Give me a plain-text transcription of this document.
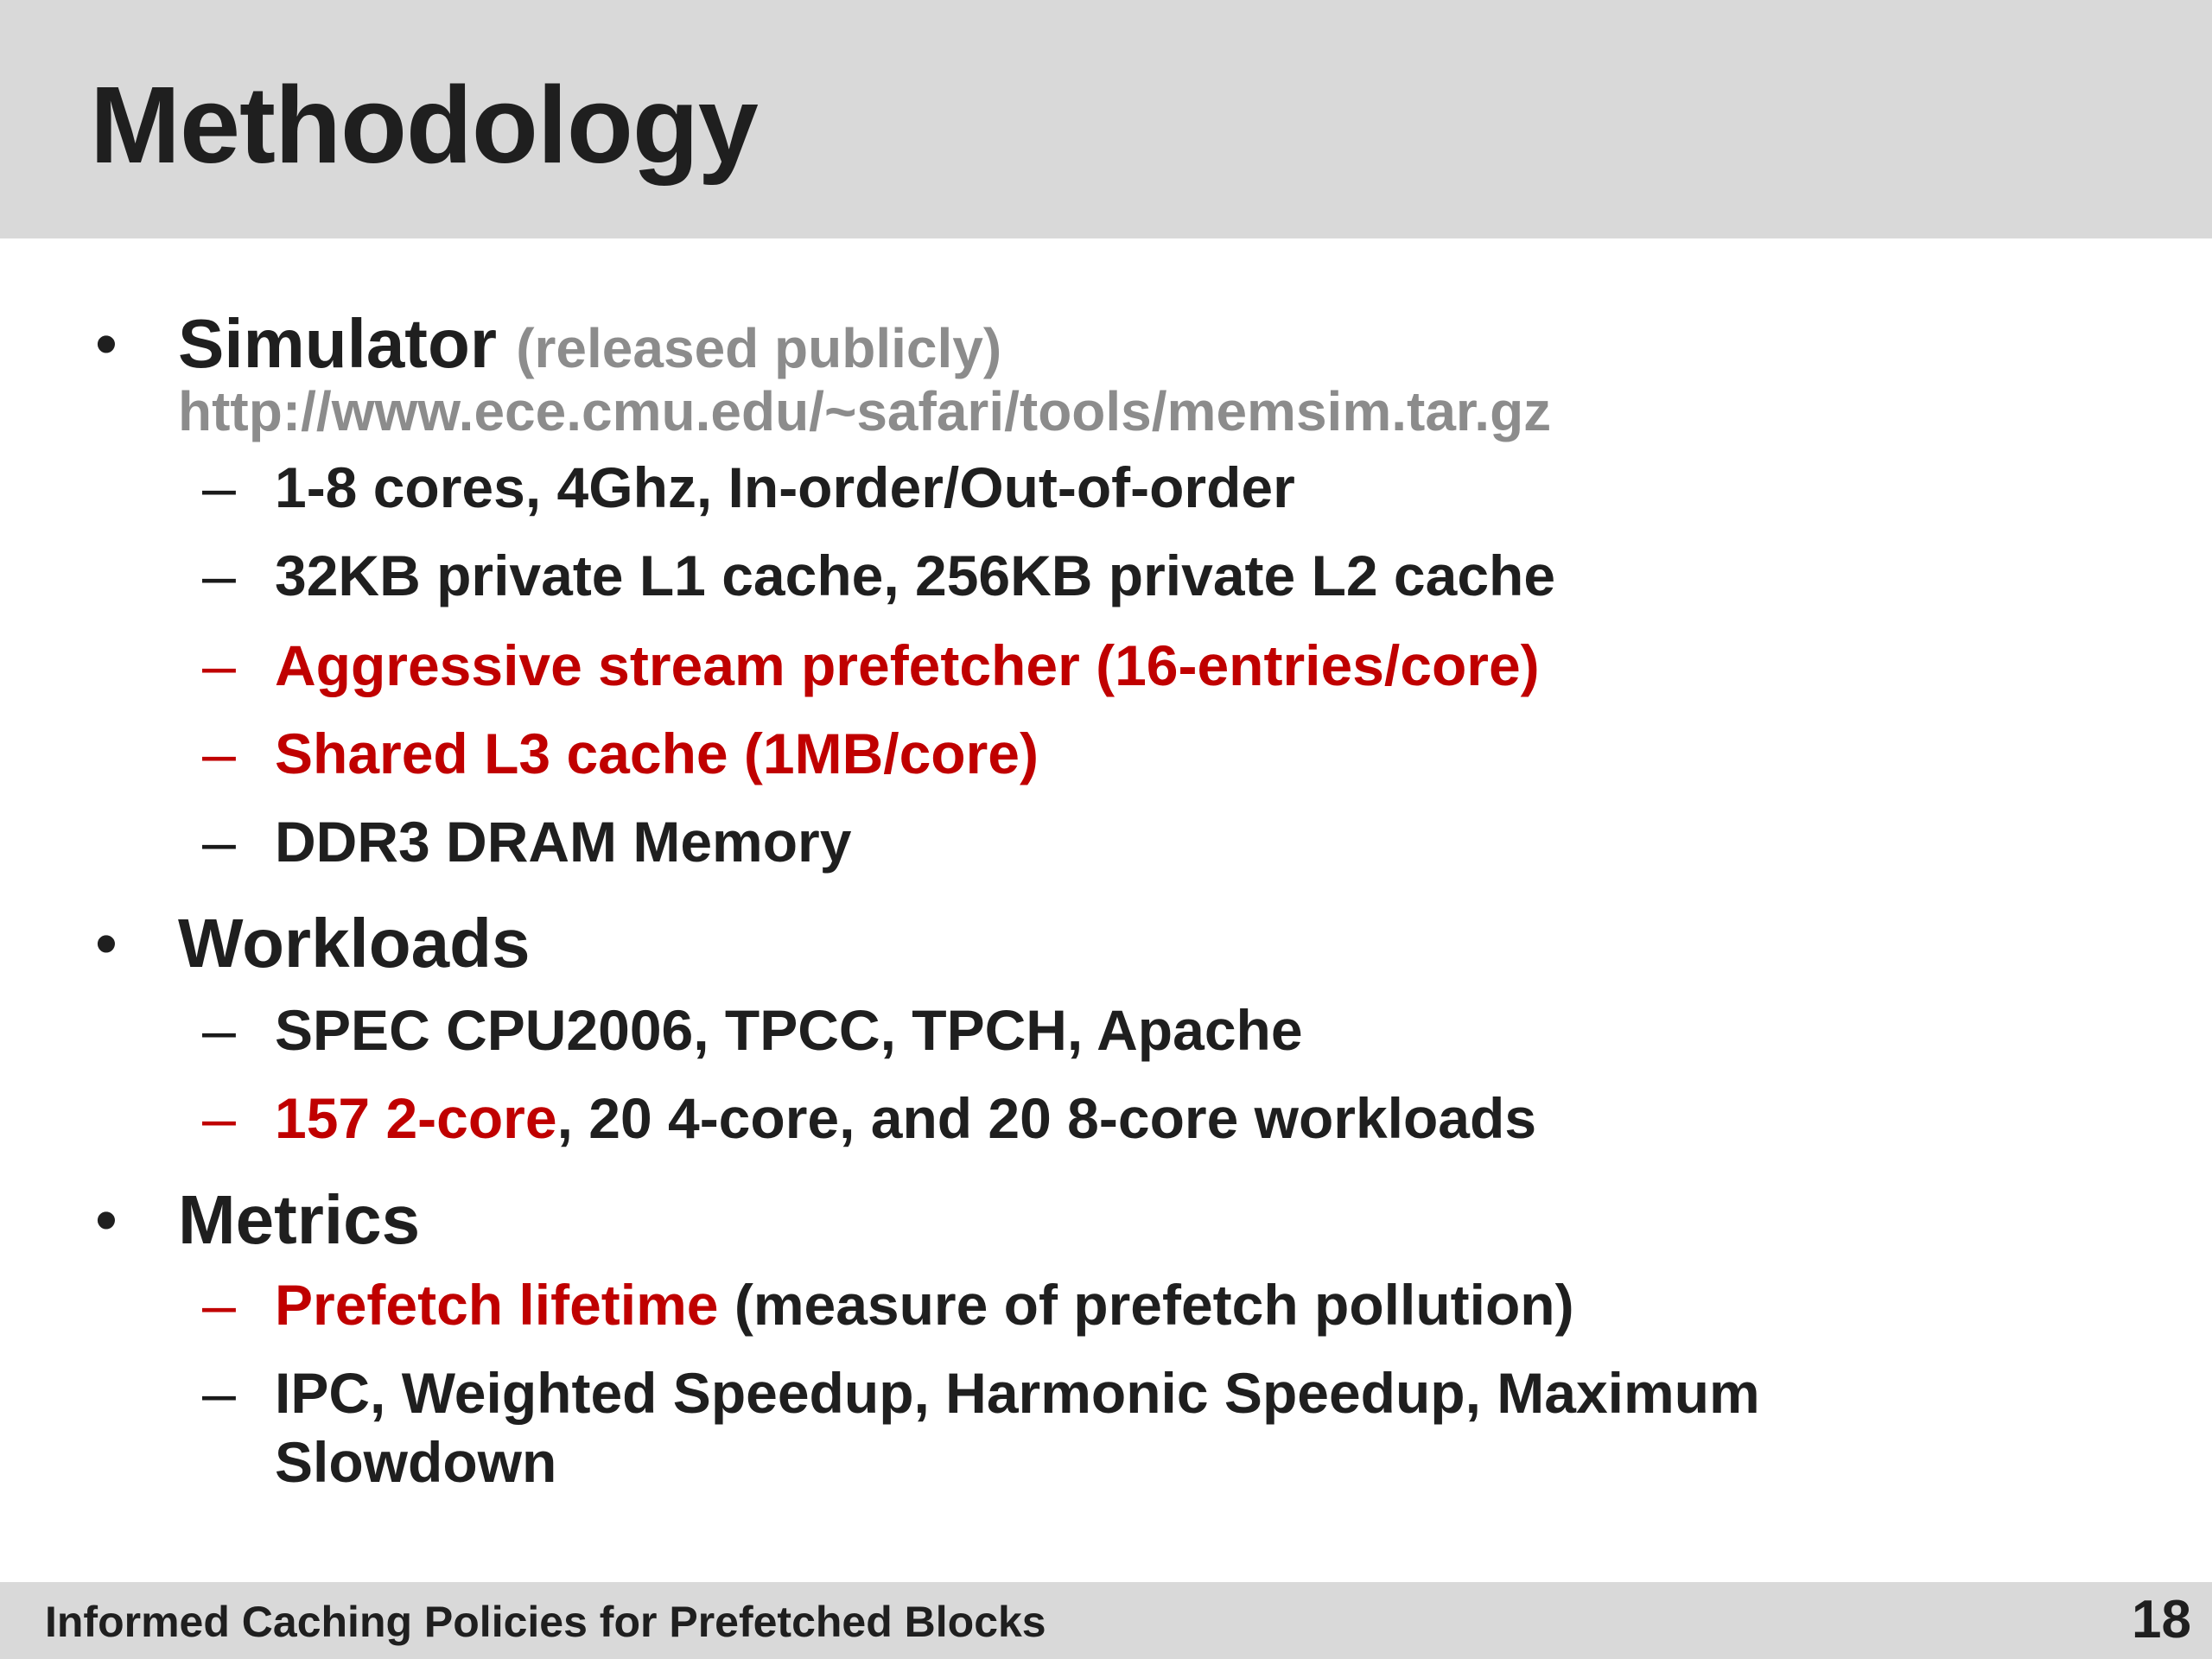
Methodology
• Simulator (released publicly)
http://www.ece.cmu.edu/~safari/tools/memsim.tar.gz
– 1-8 cores, 4Ghz, In-order/Out-of-order
– 32KB private L1 cache, 256KB private L2 cache
– Aggressive stream prefetcher (16-entries/core)
– Shared L3 cache (1MB/core)
– DDR3 DRAM Memory
• Workloads
– SPEC CPU2006, TPCC, TPCH, Apache
– 157 2-core, 20 4-core, and 20 8-core workloads
• Metrics
– Prefetch lifetime (measure of prefetch pollution)
– IPC, Weighted Speedup, Harmonic Speedup, Maximum
Slowdown
Informed Caching Policies for Prefetched Blocks	18
